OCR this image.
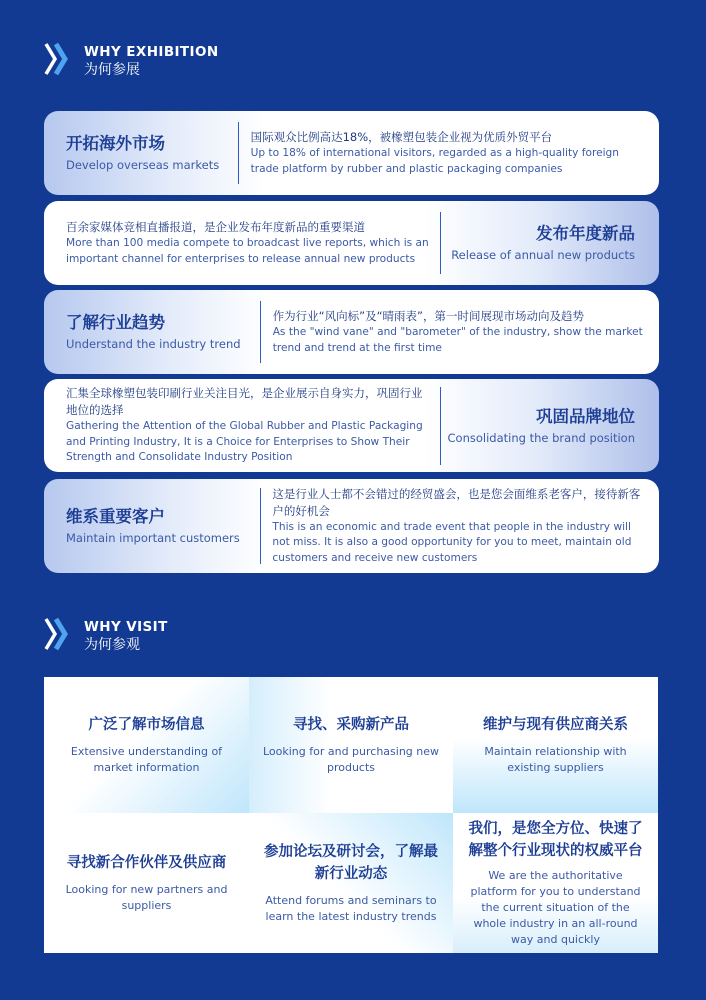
WHY EXHIBITION
为何参展
开拓海外市场
Develop overseas markets
国际观众比例高达18%，被橡塑包装企业视为优质外贸平台
Up to 18% of international visitors, regarded as a high-quality foreign trade platform by rubber and plastic packaging companies
百余家媒体竞相直播报道，是企业发布年度新品的重要渠道
More than 100 media compete to broadcast live reports, which is an important channel for enterprises to release annual new products
发布年度新品
Release of annual new products
了解行业趋势
Understand the industry trend
作为行业“风向标”及“晴雨表”，第一时间展现市场动向及趋势
As the "wind vane" and "barometer" of the industry, show the market trend and trend at the first time
汇集全球橡塑包装印刷行业关注目光，是企业展示自身实力，巩固行业地位的选择
Gathering the Attention of the Global Rubber and Plastic Packaging and Printing Industry, It is a Choice for Enterprises to Show Their Strength and Consolidate Industry Position
巩固品牌地位
Consolidating the brand position
维系重要客户
Maintain important customers
这是行业人士都不会错过的经贸盛会，也是您会面维系老客户，接待新客户的好机会
This is an economic and trade event that people in the industry will not miss. It is also a good opportunity for you to meet, maintain old customers and receive new customers
WHY VISIT
为何参观
广泛了解市场信息
Extensive understanding of market information
寻找、采购新产品
Looking for and purchasing new products
维护与现有供应商关系
Maintain relationship with existing suppliers
寻找新合作伙伴及供应商
Looking for new partners and suppliers
参加论坛及研讨会，了解最新行业动态
Attend forums and seminars to learn the latest industry trends
我们，是您全方位、快速了解整个行业现状的权威平台
We are the authoritative platform for you to understand the current situation of the whole industry in an all-round way and quickly
